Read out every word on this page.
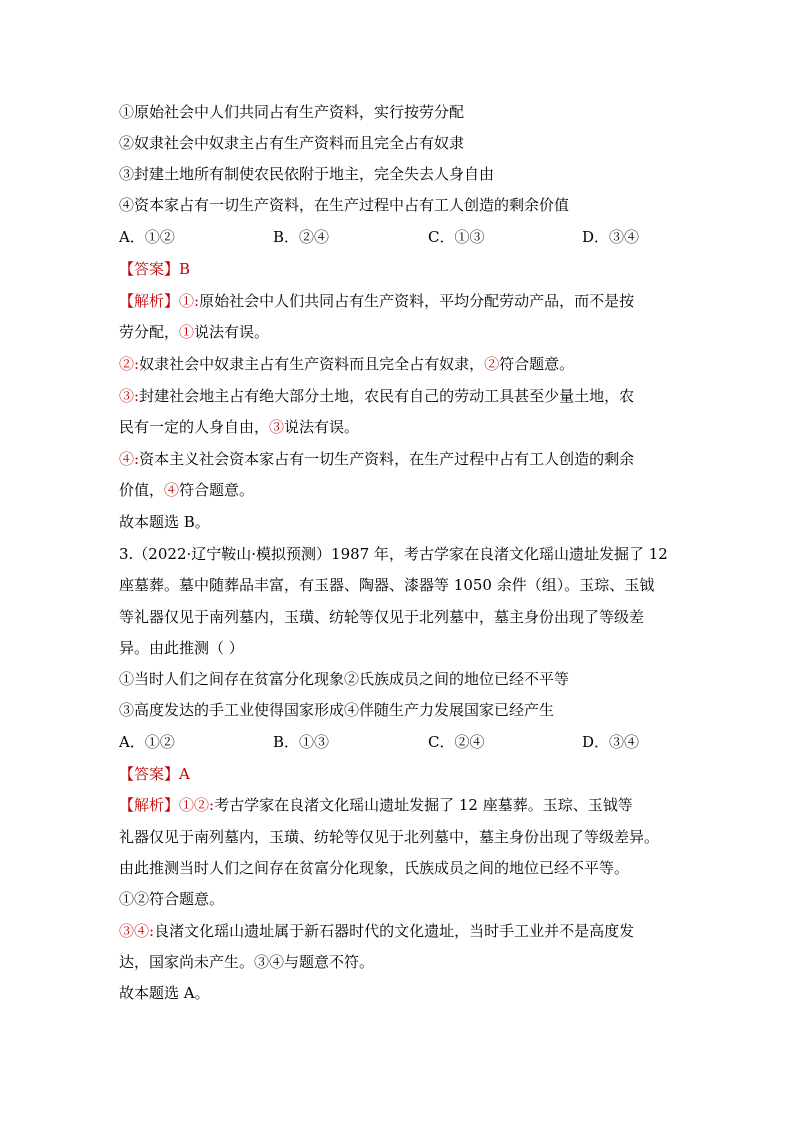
①原始社会中人们共同占有生产资料，实行按劳分配
②奴隶社会中奴隶主占有生产资料而且完全占有奴隶
③封建土地所有制使农民依附于地主，完全失去人身自由
④资本家占有一切生产资料，在生产过程中占有工人创造的剩余价值
A．①②	B．②④	C．①③	D．③④
【答案】B
【解析】①:原始社会中人们共同占有生产资料，平均分配劳动产品，而不是按
劳分配，①说法有误。
②:奴隶社会中奴隶主占有生产资料而且完全占有奴隶，②符合题意。
③:封建社会地主占有绝大部分土地，农民有自己的劳动工具甚至少量土地，农
民有一定的人身自由，③说法有误。
④:资本主义社会资本家占有一切生产资料，在生产过程中占有工人创造的剩余
价值，④符合题意。
故本题选 B。
3.（2022·辽宁鞍山·模拟预测）1987 年，考古学家在良渚文化瑶山遗址发掘了 12
座墓葬。墓中随葬品丰富，有玉器、陶器、漆器等 1050 余件（组）。玉琮、玉钺
等礼器仅见于南列墓内，玉璜、纺轮等仅见于北列墓中，墓主身份出现了等级差
异。由此推测（ ）
①当时人们之间存在贫富分化现象②氏族成员之间的地位已经不平等
③高度发达的手工业使得国家形成④伴随生产力发展国家已经产生
A．①②	B．①③	C．②④	D．③④
【答案】A
【解析】①②:考古学家在良渚文化瑶山遗址发掘了 12 座墓葬。玉琮、玉钺等
礼器仅见于南列墓内，玉璜、纺轮等仅见于北列墓中，墓主身份出现了等级差异。
由此推测当时人们之间存在贫富分化现象，氏族成员之间的地位已经不平等。
①②符合题意。
③④:良渚文化瑶山遗址属于新石器时代的文化遗址，当时手工业并不是高度发
达，国家尚未产生。③④与题意不符。
故本题选 A。
